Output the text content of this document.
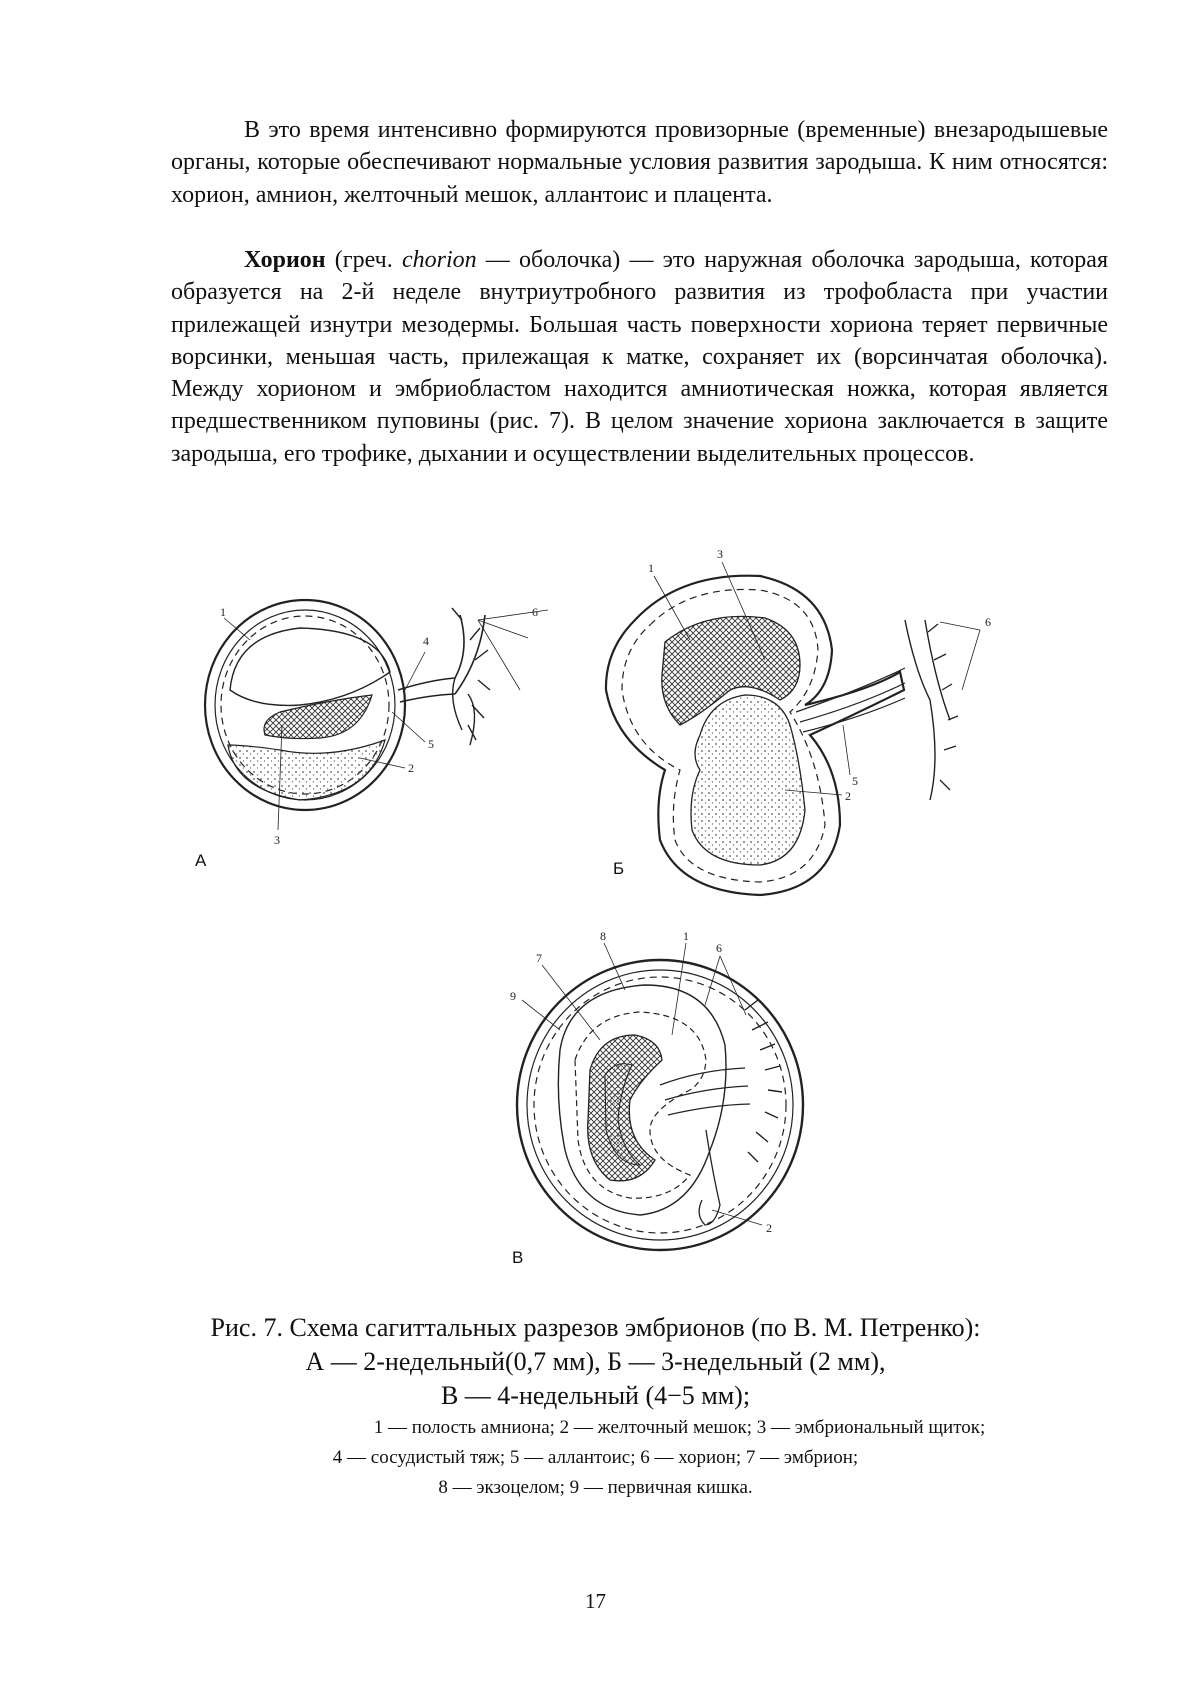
В это время интенсивно формируются провизорные (временные) внезародышевые органы, которые обеспечивают нормальные условия развития зародыша. К ним относятся: хорион, амнион, желточный мешок, аллантоис и плацента.

Хорион (греч. chorion — оболочка) — это наружная оболочка зародыша, которая образуется на 2-й неделе внутриутробного развития из трофобласта при участии прилежащей изнутри мезодермы. Большая часть поверхности хориона теряет первичные ворсинки, меньшая часть, прилежащая к матке, сохраняет их (ворсинчатая оболочка). Между хорионом и эмбриобластом находится амниотическая ножка, которая является предшественником пуповины (рис. 7). В целом значение хориона заключается в защите зародыша, его трофике, дыхании и осуществлении выделительных процессов.

1
2
3
4
5
6
А
1
2
3
5
6
Б
7
8	1
6
9
2
В

Рис. 7. Схема сагиттальных разрезов эмбрионов (по В. М. Петренко):

А — 2-недельный(0,7 мм), Б — 3-недельный (2 мм),

В — 4-недельный (4−5 мм);

1 — полость амниона; 2 — желточный мешок; 3 — эмбриональный щиток;

4 — сосудистый тяж; 5 — аллантоис; 6 — хорион; 7 — эмбрион;

8 — экзоцелом; 9 — первичная кишка.

17
